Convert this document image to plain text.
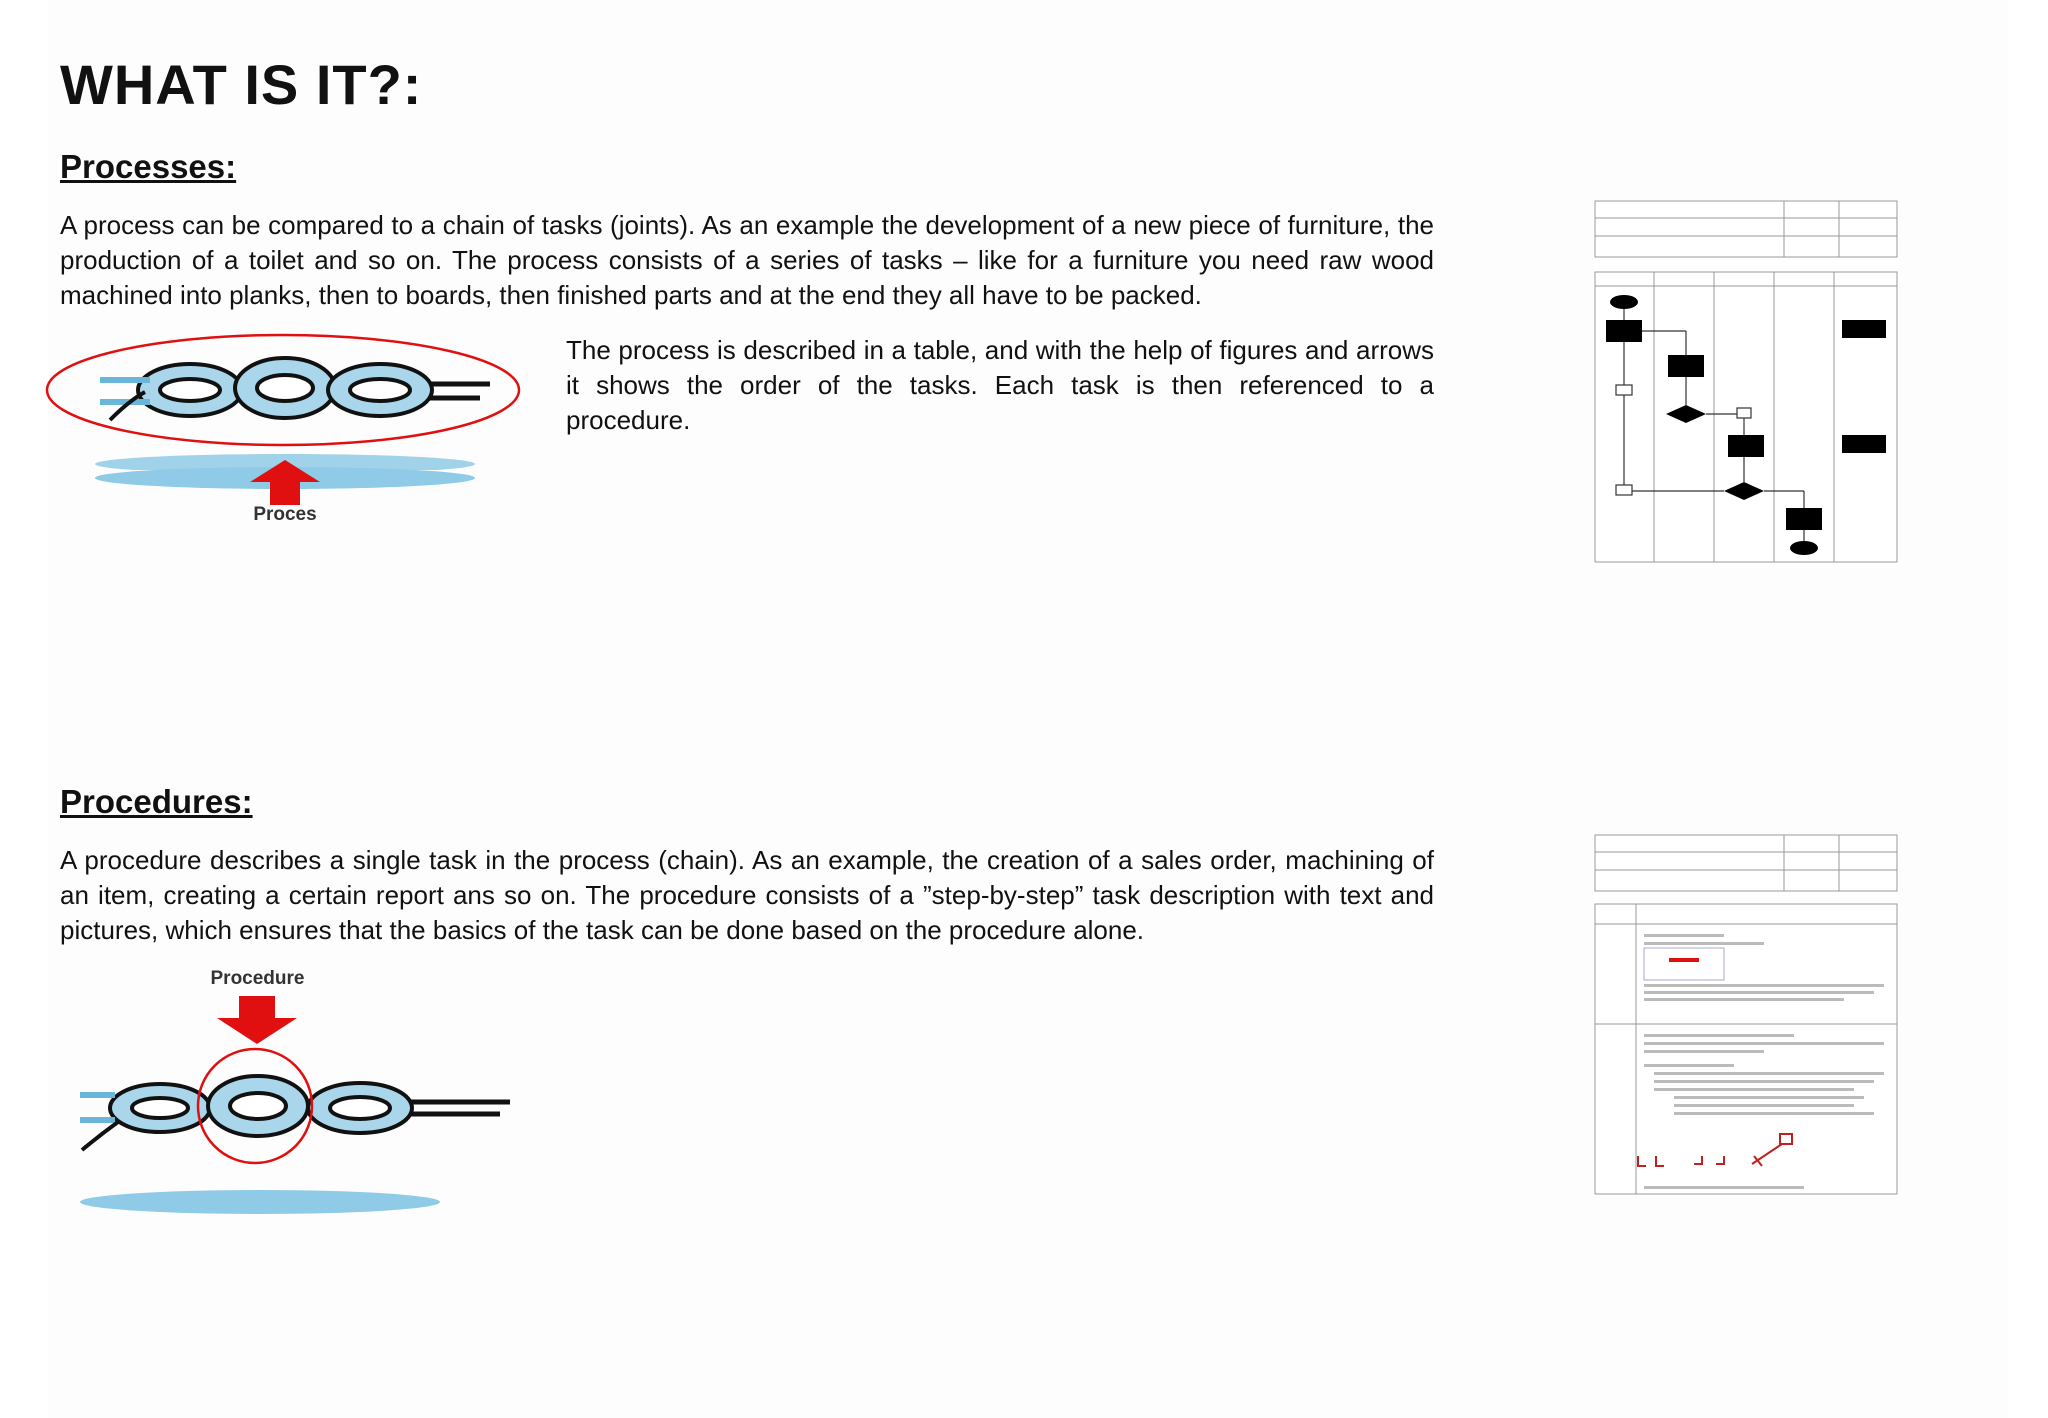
WHAT IS IT?:
Processes:

A process can be compared to a chain of tasks (joints). As an example the development of a new piece of furniture, the production of a toilet and so on. The process consists of a series of tasks – like for a furniture you need raw wood machined into planks, then to boards, then finished parts and at the end they all have to be packed.

The process is described in a table, and with the help of figures and arrows it shows the order of the tasks. Each task is then referenced to a procedure.

Proces
Procedures:

A procedure describes a single task in the process (chain). As an example, the creation of a sales order, machining of an item, creating a certain report ans so on. The procedure consists of a ”step-by-step” task description with text and pictures, which ensures that the basics of the task can be done based on the procedure alone.

Procedure
